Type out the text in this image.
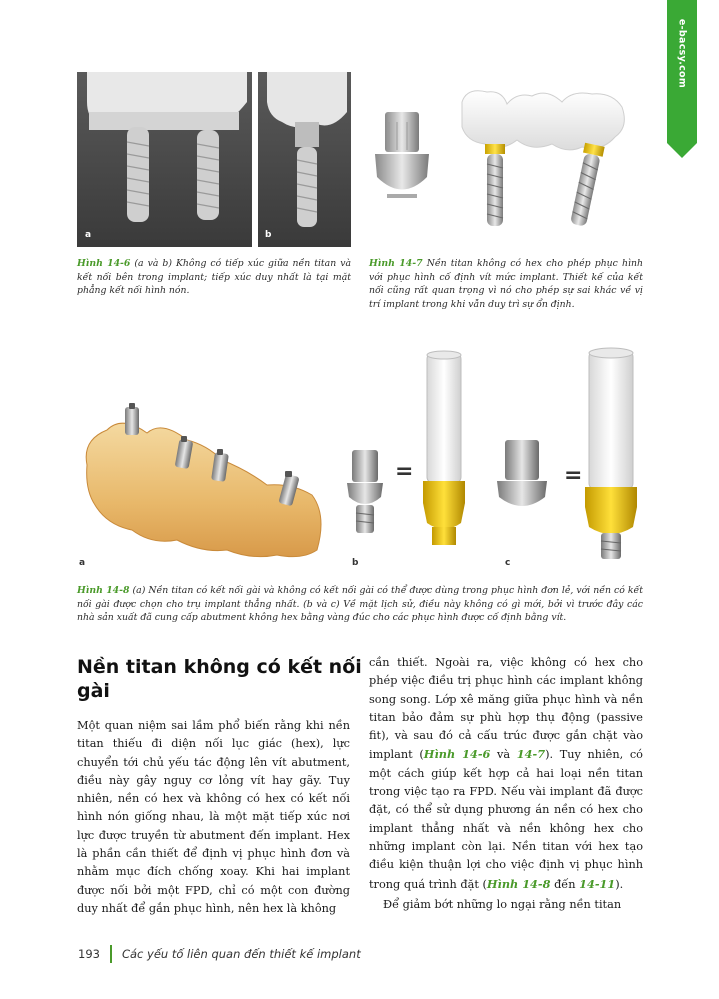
e-bacsy.com
a	b
Hình 14-6 (a và b) Không có tiếp xúc giữa nền titan và kết nối bên trong implant; tiếp xúc duy nhất là tại mặt phẳng kết nối hình nón.
Hình 14-7 Nền titan không có hex cho phép phục hình với phục hình cố định vít mức implant. Thiết kế của kết nối cũng rất quan trọng vì nó cho phép sự sai khác về vị trí implant trong khi vẫn duy trì sự ổn định.
a	b	c
=	=
Hình 14-8 (a) Nền titan có kết nối gài và không có kết nối gài có thể được dùng trong phục hình đơn lẻ, với nền có kết nối gài được chọn cho trụ implant thẳng nhất. (b và c) Về mặt lịch sử, điều này không có gì mới, bởi vì trước đây các nhà sản xuất đã cung cấp abutment không hex bằng vàng đúc cho các phục hình được cố định bằng vít.
Nền titan không có kết nối gài

Một quan niệm sai lầm phổ biến rằng khi nền titan thiếu đi diện nối lục giác (hex), lực chuyển tới chủ yếu tác động lên vít abutment, điều này gây nguy cơ lỏng vít hay gãy. Tuy nhiên, nền có hex và không có hex có kết nối hình nón giống nhau, là một mặt tiếp xúc nơi lực được truyền từ abutment đến implant. Hex là phần cần thiết để định vị phục hình đơn và nhằm mục đích chống xoay. Khi hai implant được nối bởi một FPD, chỉ có một con đường duy nhất để gắn phục hình, nên hex là không

cần thiết. Ngoài ra, việc không có hex cho phép việc điều trị phục hình các implant không song song. Lớp xê măng giữa phục hình và nền titan bảo đảm sự phù hợp thụ động (passive fit), và sau đó cả cấu trúc được gắn chặt vào implant (Hình 14-6 và 14-7). Tuy nhiên, có một cách giúp kết hợp cả hai loại nền titan trong việc tạo ra FPD. Nếu vài implant đã được đặt, có thể sử dụng phương án nền có hex cho implant thẳng nhất và nền không hex cho những implant còn lại. Nền titan với hex tạo điều kiện thuận lợi cho việc định vị phục hình trong quá trình đặt (Hình 14-8 đến 14-11).

Để giảm bớt những lo ngại rằng nền titan

193 Các yếu tố liên quan đến thiết kế implant
